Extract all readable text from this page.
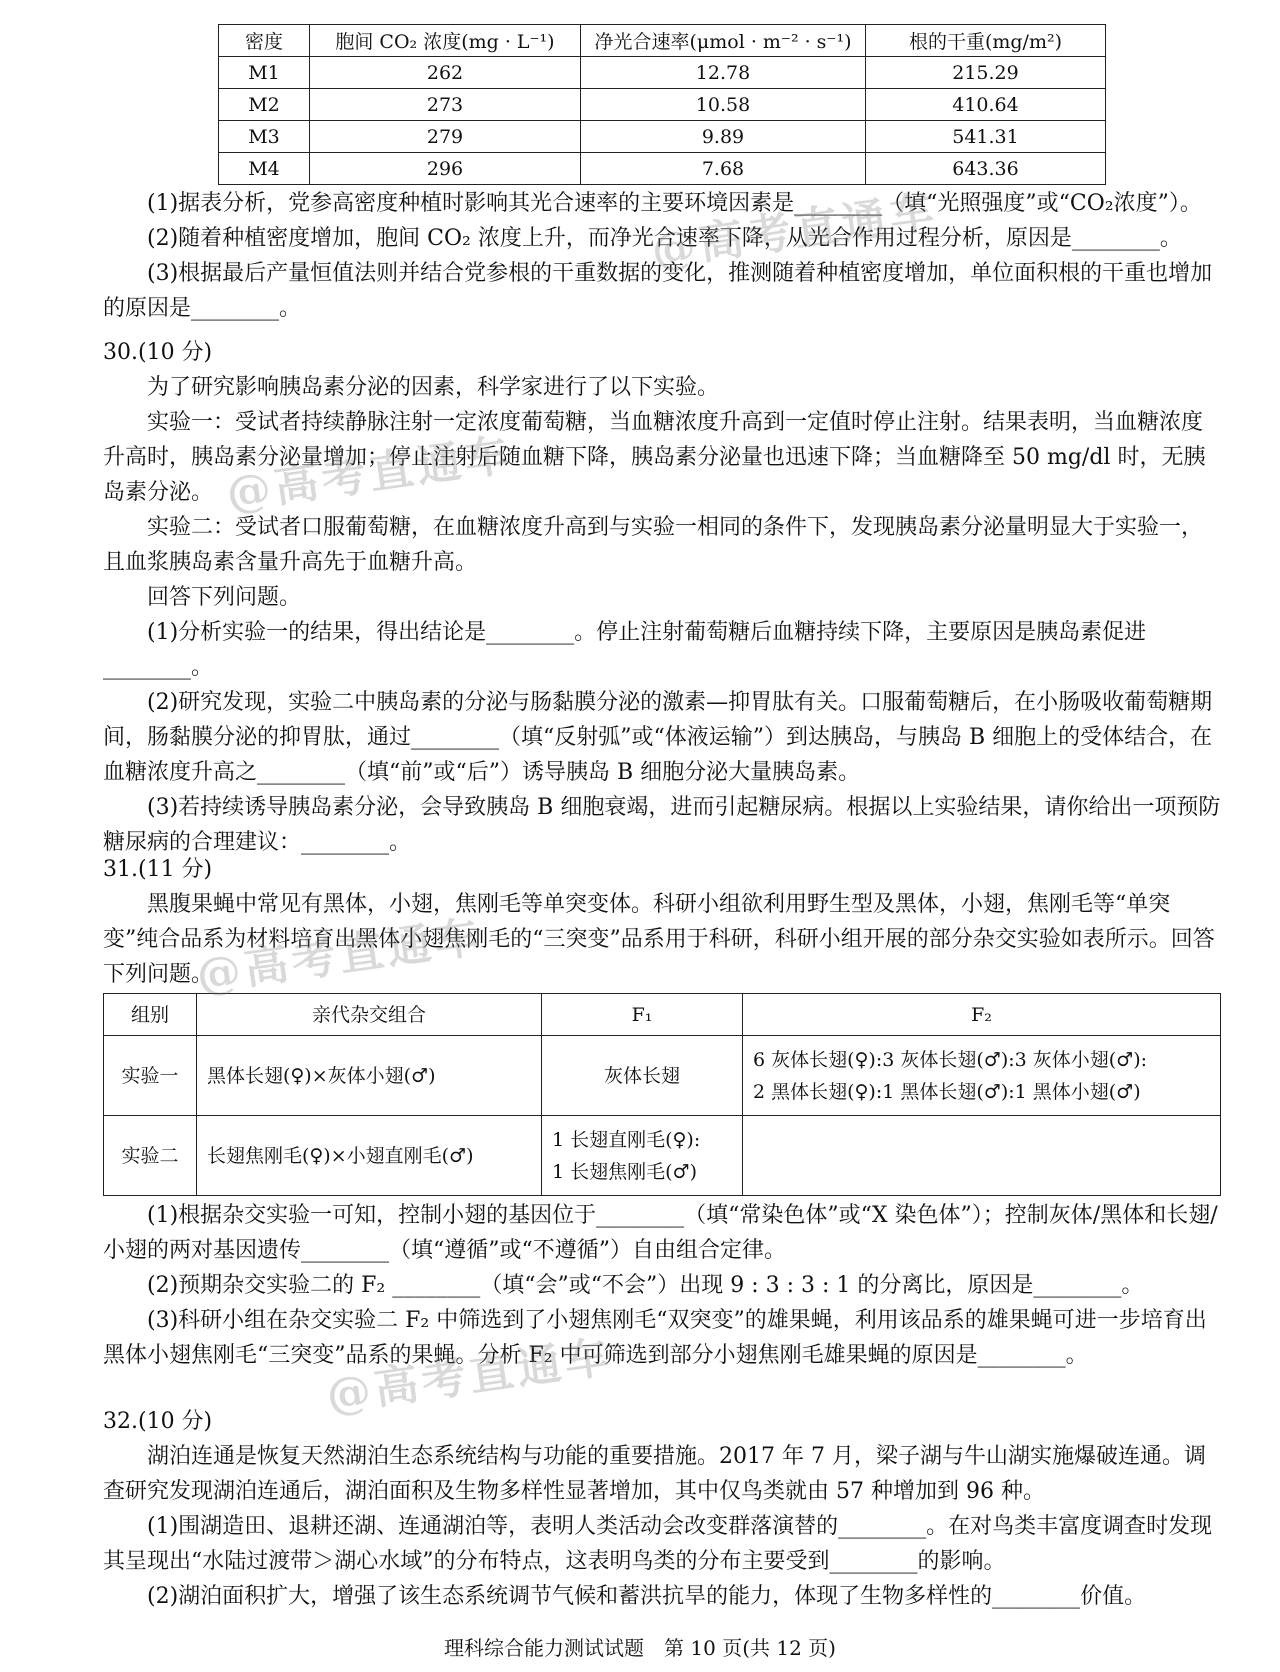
密度	胞间 CO₂ 浓度(mg · L⁻¹)	净光合速率(μmol · m⁻² · s⁻¹)	根的干重(mg/m²)
M1	262	12.78	215.29
M2	273	10.58	410.64
M3	279	9.89	541.31
M4	296	7.68	643.36

(1)据表分析，党参高密度种植时影响其光合速率的主要环境因素是________（填“光照强度”或“CO₂浓度”）。

(2)随着种植密度增加，胞间 CO₂ 浓度上升，而净光合速率下降，从光合作用过程分析，原因是________。

(3)根据最后产量恒值法则并结合党参根的干重数据的变化，推测随着种植密度增加，单位面积根的干重也增加的原因是________。

30.(10 分)

为了研究影响胰岛素分泌的因素，科学家进行了以下实验。

实验一：受试者持续静脉注射一定浓度葡萄糖，当血糖浓度升高到一定值时停止注射。结果表明，当血糖浓度升高时，胰岛素分泌量增加；停止注射后随血糖下降，胰岛素分泌量也迅速下降；当血糖降至 50 mg/dl 时，无胰岛素分泌。

实验二：受试者口服葡萄糖，在血糖浓度升高到与实验一相同的条件下，发现胰岛素分泌量明显大于实验一，且血浆胰岛素含量升高先于血糖升高。

回答下列问题。

(1)分析实验一的结果，得出结论是________。停止注射葡萄糖后血糖持续下降，主要原因是胰岛素促进________。

(2)研究发现，实验二中胰岛素的分泌与肠黏膜分泌的激素—抑胃肽有关。口服葡萄糖后，在小肠吸收葡萄糖期间，肠黏膜分泌的抑胃肽，通过________（填“反射弧”或“体液运输”）到达胰岛，与胰岛 B 细胞上的受体结合，在血糖浓度升高之________（填“前”或“后”）诱导胰岛 B 细胞分泌大量胰岛素。

(3)若持续诱导胰岛素分泌，会导致胰岛 B 细胞衰竭，进而引起糖尿病。根据以上实验结果，请你给出一项预防糖尿病的合理建议：________。

31.(11 分)

黑腹果蝇中常见有黑体，小翅，焦刚毛等单突变体。科研小组欲利用野生型及黑体，小翅，焦刚毛等“单突变”纯合品系为材料培育出黑体小翅焦刚毛的“三突变”品系用于科研，科研小组开展的部分杂交实验如表所示。回答下列问题。

组别	亲代杂交组合	F₁	F₂
实验一	黑体长翅(♀)×灰体小翅(♂)	灰体长翅	6 灰体长翅(♀):3 灰体长翅(♂):3 灰体小翅(♂):
2 黑体长翅(♀):1 黑体长翅(♂):1 黑体小翅(♂)

实验二	长翅焦刚毛(♀)×小翅直刚毛(♂)	1 长翅直刚毛(♀):
1 长翅焦刚毛(♂)	

(1)根据杂交实验一可知，控制小翅的基因位于________（填“常染色体”或“X 染色体”）；控制灰体/黑体和长翅/小翅的两对基因遗传________（填“遵循”或“不遵循”）自由组合定律。

(2)预期杂交实验二的 F₂ ________（填“会”或“不会”）出现 9 : 3 : 3 : 1 的分离比，原因是________。

(3)科研小组在杂交实验二 F₂ 中筛选到了小翅焦刚毛“双突变”的雄果蝇，利用该品系的雄果蝇可进一步培育出黑体小翅焦刚毛“三突变”品系的果蝇。分析 F₂ 中可筛选到部分小翅焦刚毛雄果蝇的原因是________。

32.(10 分)

湖泊连通是恢复天然湖泊生态系统结构与功能的重要措施。2017 年 7 月，梁子湖与牛山湖实施爆破连通。调查研究发现湖泊连通后，湖泊面积及生物多样性显著增加，其中仅鸟类就由 57 种增加到 96 种。

(1)围湖造田、退耕还湖、连通湖泊等，表明人类活动会改变群落演替的________。在对鸟类丰富度调查时发现其呈现出“水陆过渡带＞湖心水域”的分布特点，这表明鸟类的分布主要受到________的影响。

(2)湖泊面积扩大，增强了该生态系统调节气候和蓄洪抗旱的能力，体现了生物多样性的________价值。

理科综合能力测试试题　第 10 页(共 12 页)
@高考直通车
@高考直通车
@高考直通车
@高考直通车
